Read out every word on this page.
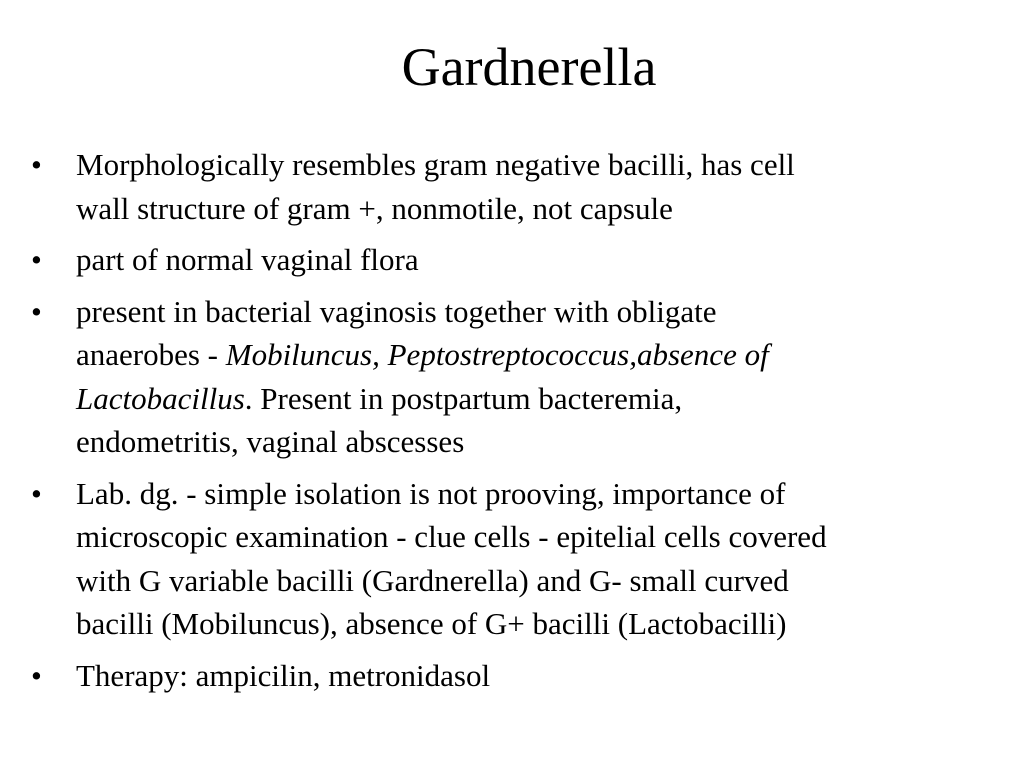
Gardnerella
• Morphologically resembles gram negative bacilli, has cell
wall structure of gram +, nonmotile, not capsule
• part of normal vaginal flora
• present in bacterial vaginosis together with obligate
anaerobes - Mobiluncus, Peptostreptococcus,absence of
Lactobacillus. Present in postpartum bacteremia,
endometritis, vaginal abscesses
• Lab. dg. - simple isolation is not prooving, importance of
microscopic examination - clue cells - epitelial cells covered
with G variable bacilli (Gardnerella) and G- small curved
bacilli (Mobiluncus), absence of G+ bacilli (Lactobacilli)
• Therapy: ampicilin, metronidasol
